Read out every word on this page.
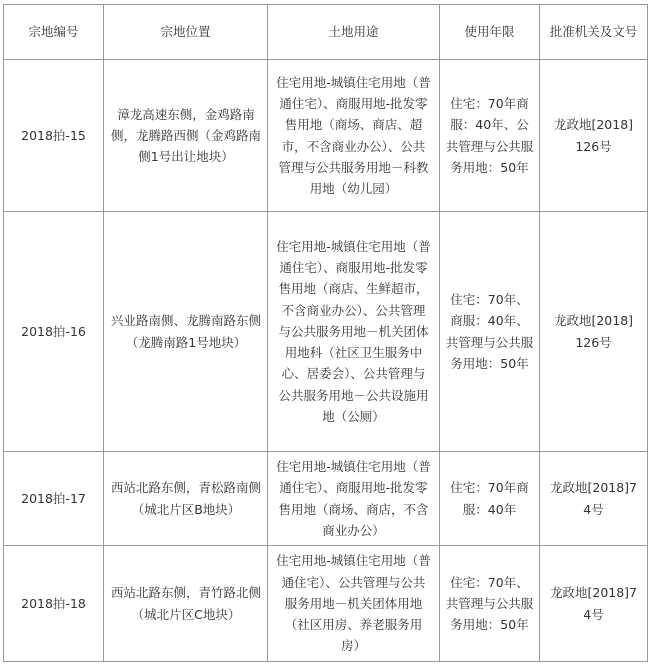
宗地编号	宗地位置	土地用途	使用年限	批准机关及文号

2018拍-15	漳龙高速东侧，金鸡路南侧，龙腾路西侧（金鸡路南侧1号出让地块）	住宅用地-城镇住宅用地（普通住宅）、商服用地-批发零售用地（商场、商店、超市，不含商业办公）、公共管理与公共服务用地－科教用地（幼儿园）	住宅：70年商服：40年、公共管理与公共服务用地：50年	龙政地[2018] 126号

2018拍-16	兴业路南侧、龙腾南路东侧（龙腾南路1号地块）	住宅用地-城镇住宅用地（普通住宅）、商服用地-批发零售用地（商店、生鲜超市，不含商业办公）、公共管理与公共服务用地－机关团体用地科（社区卫生服务中心、居委会）、公共管理与公共服务用地－公共设施用地（公厕）	住宅：70年、商服：40年、共管理与公共服务用地：50年	龙政地[2018] 126号

2018拍-17	西站北路东侧，青松路南侧（城北片区B地块）	住宅用地-城镇住宅用地（普通住宅）、商服用地-批发零售用地（商场、商店，不含商业办公）	住宅：70年商服：40年	龙政地[2018]74号

2018拍-18	西站北路东侧，青竹路北侧（城北片区C地块）	住宅用地-城镇住宅用地（普通住宅）、公共管理与公共服务用地－机关团体用地（社区用房、养老服务用房）	住宅：70年、共管理与公共服务用地：50年	龙政地[2018]74号
